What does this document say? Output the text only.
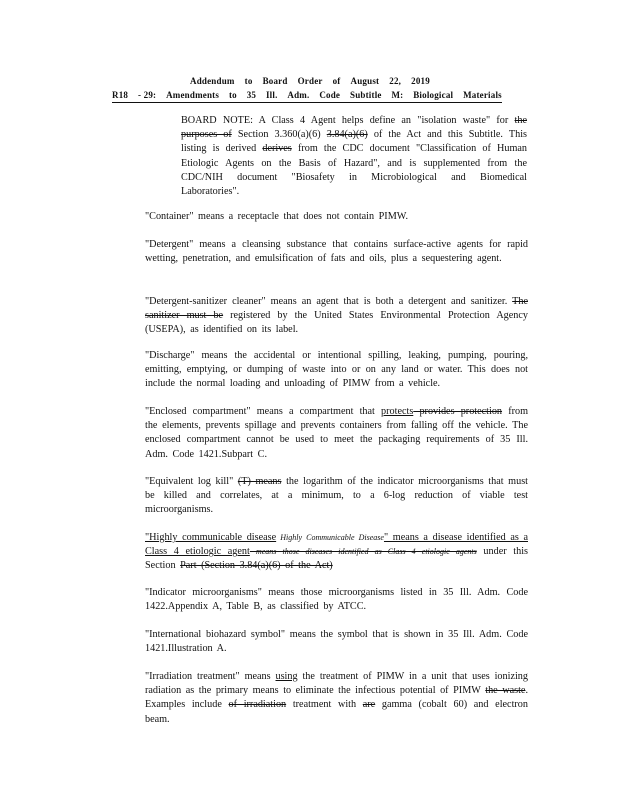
Addendum to Board Order of August 22, 2019
R18 - 29: Amendments to 35 Ill. Adm. Code Subtitle M: Biological Materials
BOARD NOTE: A Class 4 Agent helps define an "isolation waste" for the purposes of Section 3.360(a)(6) 3.84(a)(6) of the Act and this Subtitle. This listing is derived derives from the CDC document "Classification of Human Etiologic Agents on the Basis of Hazard", and is supplemented from the CDC/NIH document "Biosafety in Microbiological and Biomedical Laboratories".
"Container" means a receptacle that does not contain PIMW.
"Detergent" means a cleansing substance that contains surface-active agents for rapid wetting, penetration, and emulsification of fats and oils, plus a sequestering agent.
"Detergent-sanitizer cleaner" means an agent that is both a detergent and sanitizer. The sanitizer must be registered by the United States Environmental Protection Agency (USEPA), as identified on its label.
"Discharge" means the accidental or intentional spilling, leaking, pumping, pouring, emitting, emptying, or dumping of waste into or on any land or water. This does not include the normal loading and unloading of PIMW from a vehicle.
"Enclosed compartment" means a compartment that protects provides protection from the elements, prevents spillage and prevents containers from falling off the vehicle. The enclosed compartment cannot be used to meet the packaging requirements of 35 Ill. Adm. Code 1421.Subpart C.
"Equivalent log kill" (T) means the logarithm of the indicator microorganisms that must be killed and correlates, at a minimum, to a 6-log reduction of viable test microorganisms.
"Highly communicable disease Highly Communicable Disease" means a disease identified as a Class 4 etiologic agent means those diseases identified as Class 4 etiologic agents under this Section Part (Section 3.84(a)(6) of the Act)
"Indicator microorganisms" means those microorganisms listed in 35 Ill. Adm. Code 1422.Appendix A, Table B, as classified by ATCC.
"International biohazard symbol" means the symbol that is shown in 35 Ill. Adm. Code 1421.Illustration A.
"Irradiation treatment" means using the treatment of PIMW in a unit that uses ionizing radiation as the primary means to eliminate the infectious potential of PIMW the waste. Examples include of irradiation treatment with are gamma (cobalt 60) and electron beam.
